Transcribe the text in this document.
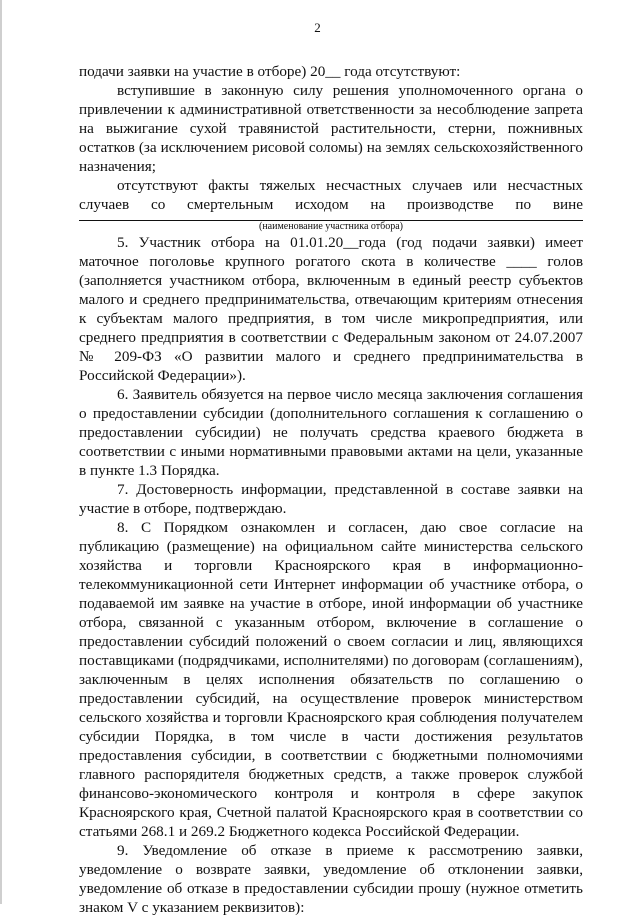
2

подачи заявки на участие в отборе) 20__ года отсутствуют:

вступившие в законную силу решения уполномоченного органа о привлечении к административной ответственности за несоблюдение запрета на выжигание сухой травянистой растительности, стерни, пожнивных остатков (за исключением рисовой соломы) на землях сельскохозяйственного назначения;

отсутствуют факты тяжелых несчастных случаев или несчастных случаев со смертельным исходом на производстве по вине

(наименование участника отбора)

5. Участник отбора на 01.01.20__года (год подачи заявки) имеет маточное поголовье крупного рогатого скота в количестве ____ голов (заполняется участником отбора, включенным в единый реестр субъектов малого и среднего предпринимательства, отвечающим критериям отнесения к субъектам малого предприятия, в том числе микропредприятия, или среднего предприятия в соответствии с Федеральным законом от 24.07.2007 № 209-ФЗ «О развитии малого и среднего предпринимательства в Российской Федерации»).

6. Заявитель обязуется на первое число месяца заключения соглашения о предоставлении субсидии (дополнительного соглашения к соглашению о предоставлении субсидии) не получать средства краевого бюджета в соответствии с иными нормативными правовыми актами на цели, указанные в пункте 1.3 Порядка.

7. Достоверность информации, представленной в составе заявки на участие в отборе, подтверждаю.

8. С Порядком ознакомлен и согласен, даю свое согласие на публикацию (размещение) на официальном сайте министерства сельского хозяйства и торговли Красноярского края в информационно-телекоммуникационной сети Интернет информации об участнике отбора, о подаваемой им заявке на участие в отборе, иной информации об участнике отбора, связанной с указанным отбором, включение в соглашение о предоставлении субсидий положений о своем согласии и лиц, являющихся поставщиками (подрядчиками, исполнителями) по договорам (соглашениям), заключенным в целях исполнения обязательств по соглашению о предоставлении субсидий, на осуществление проверок министерством сельского хозяйства и торговли Красноярского края соблюдения получателем субсидии Порядка, в том числе в части достижения результатов предоставления субсидии, в соответствии с бюджетными полномочиями главного распорядителя бюджетных средств, а также проверок службой финансово-экономического контроля и контроля в сфере закупок Красноярского края, Счетной палатой Красноярского края в соответствии со статьями 268.1 и 269.2 Бюджетного кодекса Российской Федерации.

9. Уведомление об отказе в приеме к рассмотрению заявки, уведомление о возврате заявки, уведомление об отклонении заявки, уведомление об отказе в предоставлении субсидии прошу (нужное отметить знаком V с указанием реквизитов):
